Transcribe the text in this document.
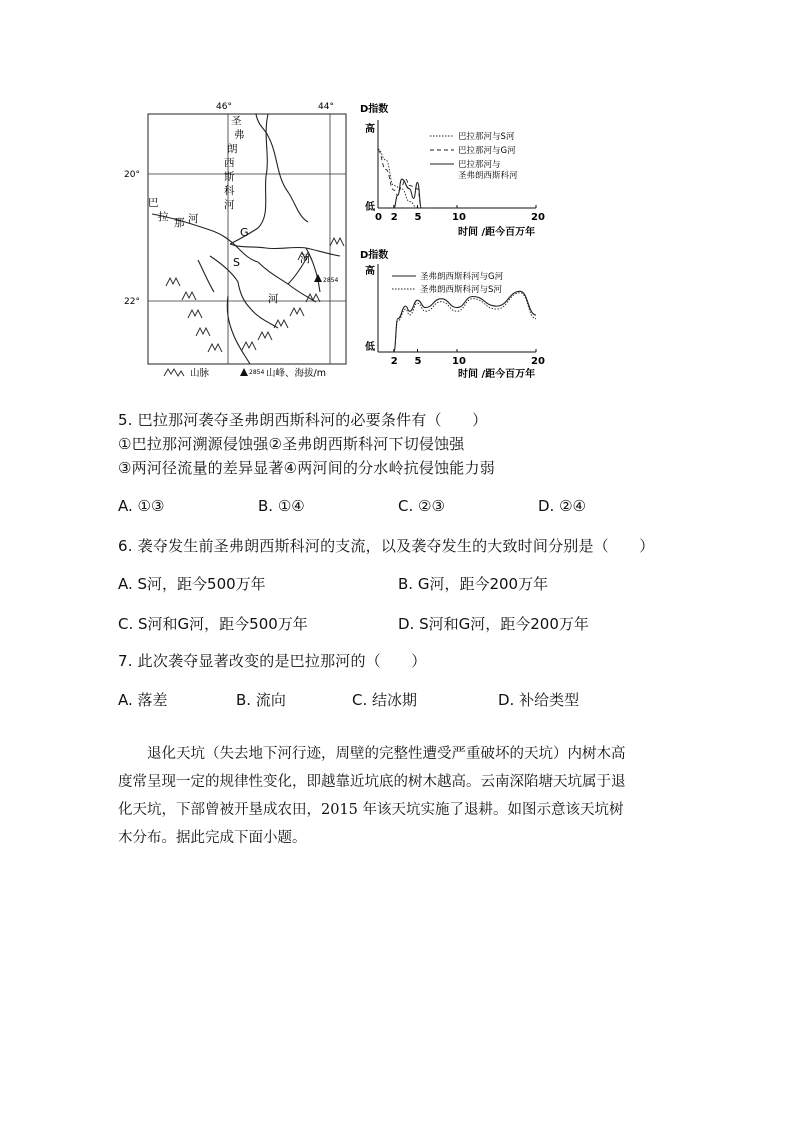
46°	44°
20°
22°
圣
弗
朗
西
斯
科
河
巴
拉 那 河
G
S	河
河
2854
山脉	2854 山峰、海拔/m
D指数
高
低
0 2 5	10	20
时间 /距今百万年
巴拉那河与S河
巴拉那河与G河
巴拉那河与
圣弗朗西斯科河
D指数
高
低
2 5	10	20
时间 /距今百万年
圣弗朗西斯科河与G河
圣弗朗西斯科河与S河
5. 巴拉那河袭夺圣弗朗西斯科河的必要条件有（　　）
①巴拉那河溯源侵蚀强②圣弗朗西斯科河下切侵蚀强
③两河径流量的差异显著④两河间的分水岭抗侵蚀能力弱
A. ①③	B. ①④	C. ②③	D. ②④
6. 袭夺发生前圣弗朗西斯科河的支流，以及袭夺发生的大致时间分别是（　　）
A. S河，距今500万年	B. G河，距今200万年
C. S河和G河，距今500万年	D. S河和G河，距今200万年
7. 此次袭夺显著改变的是巴拉那河的（　　）
A. 落差	B. 流向	C. 结冰期	D. 补给类型
退化天坑（失去地下河行迹，周壁的完整性遭受严重破坏的天坑）内树木高
度常呈现一定的规律性变化，即越靠近坑底的树木越高。云南深陷塘天坑属于退
化天坑，下部曾被开垦成农田，2015 年该天坑实施了退耕。如图示意该天坑树
木分布。据此完成下面小题。
